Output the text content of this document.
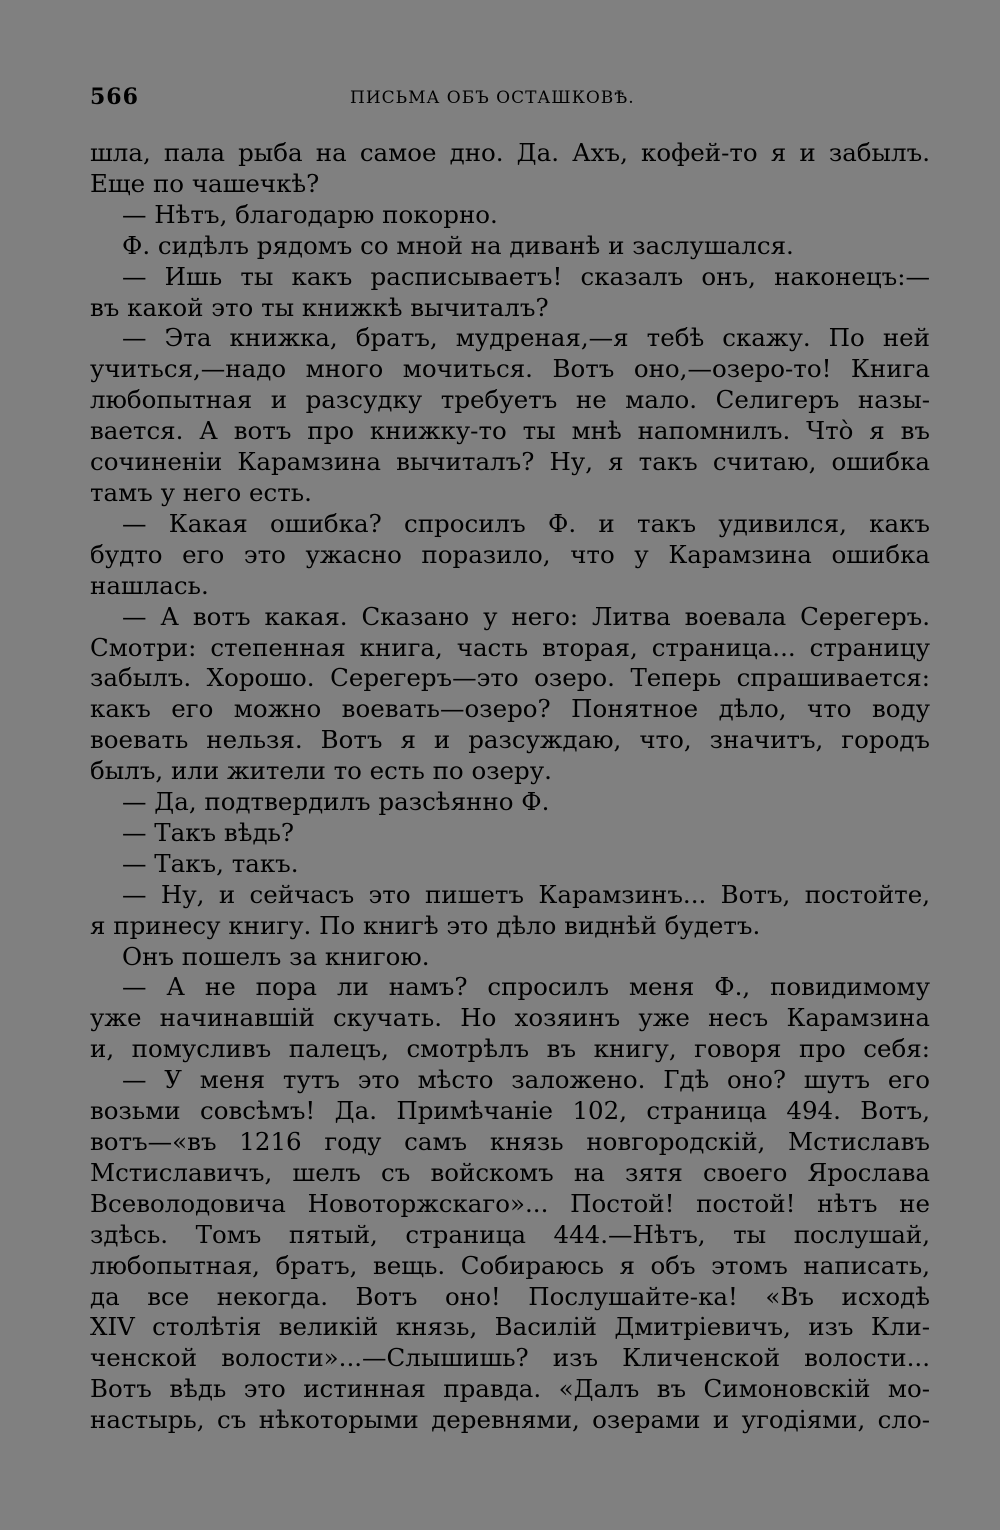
566	ПИСЬМА ОБЪ ОСТАШКОВѢ.
шла, пала рыба на самое дно. Да. Ахъ, кофей-то я и забылъ.
Еще по чашечкѣ?
— Нѣтъ, благодарю покорно.
Ф. сидѣлъ рядомъ со мной на диванѣ и заслушался.
— Ишь ты какъ расписываетъ! сказалъ онъ, наконецъ:—
въ какой это ты книжкѣ вычиталъ?
— Эта книжка, братъ, мудреная,—я тебѣ скажу. По ней
учиться,—надо много мочиться. Вотъ оно,—озеро-то! Книга
любопытная и разсудку требуетъ не мало. Селигеръ назы-
вается. А вотъ про книжку-то ты мнѣ напомнилъ. Чтò я въ
сочиненіи Карамзина вычиталъ? Ну, я такъ считаю, ошибка
тамъ у него есть.
— Какая ошибка? спросилъ Ф. и такъ удивился, какъ
будто его это ужасно поразило, что у Карамзина ошибка
нашлась.
— А вотъ какая. Сказано у него: Литва воевала Серегеръ.
Смотри: степенная книга, часть вторая, страница... страницу
забылъ. Хорошо. Серегеръ—это озеро. Теперь спрашивается:
какъ его можно воевать—озеро? Понятное дѣло, что воду
воевать нельзя. Вотъ я и разсуждаю, что, значитъ, городъ
былъ, или жители то есть по озеру.
— Да, подтвердилъ разсѣянно Ф.
— Такъ вѣдь?
— Такъ, такъ.
— Ну, и сейчасъ это пишетъ Карамзинъ... Вотъ, постойте,
я принесу книгу. По книгѣ это дѣло виднѣй будетъ.
Онъ пошелъ за книгою.
— А не пора ли намъ? спросилъ меня Ф., повидимому
уже начинавшій скучать. Но хозяинъ уже несъ Карамзина
и, помусливъ палецъ, смотрѣлъ въ книгу, говоря про себя:
— У меня тутъ это мѣсто заложено. Гдѣ оно? шутъ его
возьми совсѣмъ! Да. Примѣчаніе 102, страница 494. Вотъ,
вотъ—«въ 1216 году самъ князь новгородскій, Мстиславъ
Мстиславичъ, шелъ съ войскомъ на зятя своего Ярослава
Всеволодовича Новоторжскаго»... Постой! постой! нѣтъ не
здѣсь. Томъ пятый, страница 444.—Нѣтъ, ты послушай,
любопытная, братъ, вещь. Собираюсь я объ этомъ написать,
да все некогда. Вотъ оно! Послушайте-ка! «Въ исходѣ
XIV столѣтія великій князь, Василій Дмитріевичъ, изъ Кли-
ченской волости»...—Слышишь? изъ Кличенской волости...
Вотъ вѣдь это истинная правда. «Далъ въ Симоновскій мо-
настырь, съ нѣкоторыми деревнями, озерами и угодіями, сло-
